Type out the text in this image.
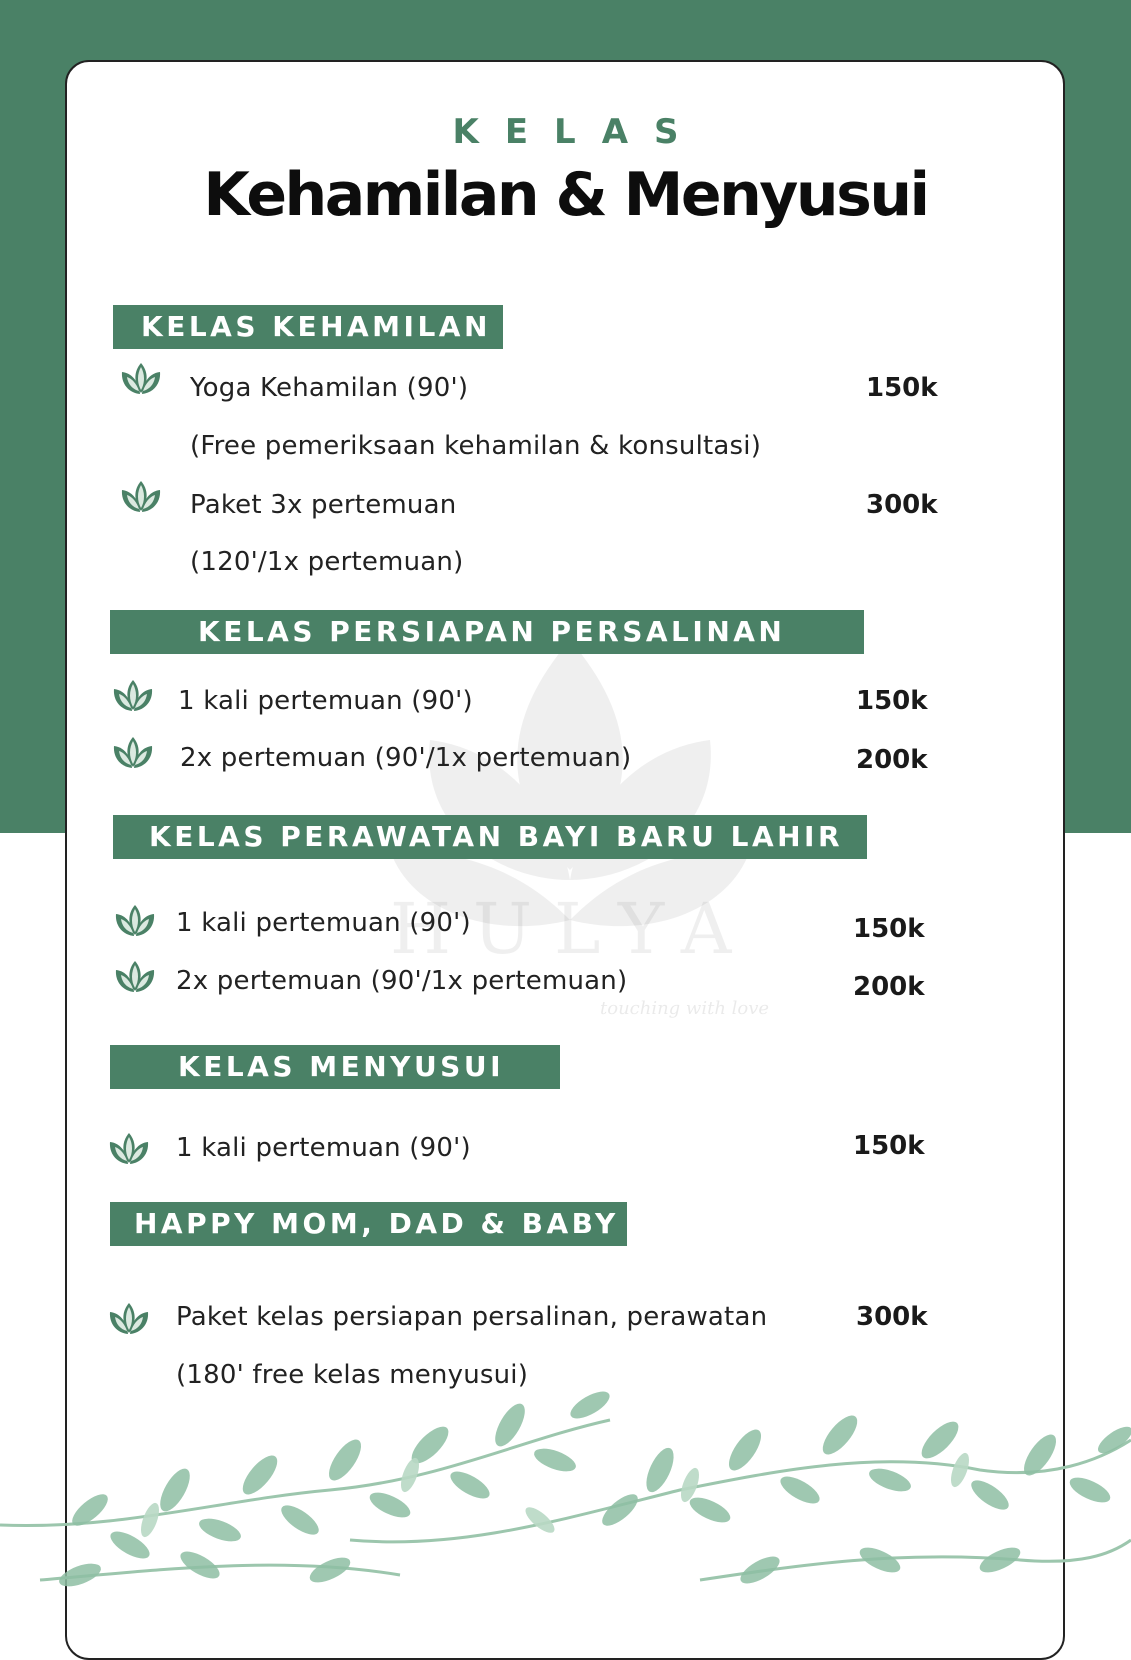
HULYA
touching with love
KELAS
Kehamilan & Menyusui
KELAS KEHAMILAN
Yoga Kehamilan (90')	150k
(Free pemeriksaan kehamilan & konsultasi)
Paket 3x pertemuan	300k
(120'/1x pertemuan)
KELAS PERSIAPAN PERSALINAN
1 kali pertemuan (90')	150k
2x pertemuan (90'/1x pertemuan)	200k
KELAS PERAWATAN BAYI BARU LAHIR
1 kali pertemuan (90')	150k
2x pertemuan (90'/1x pertemuan)	200k
KELAS MENYUSUI
1 kali pertemuan (90')	150k
HAPPY MOM, DAD & BABY
Paket kelas persiapan persalinan, perawatan	300k
(180' free kelas menyusui)
